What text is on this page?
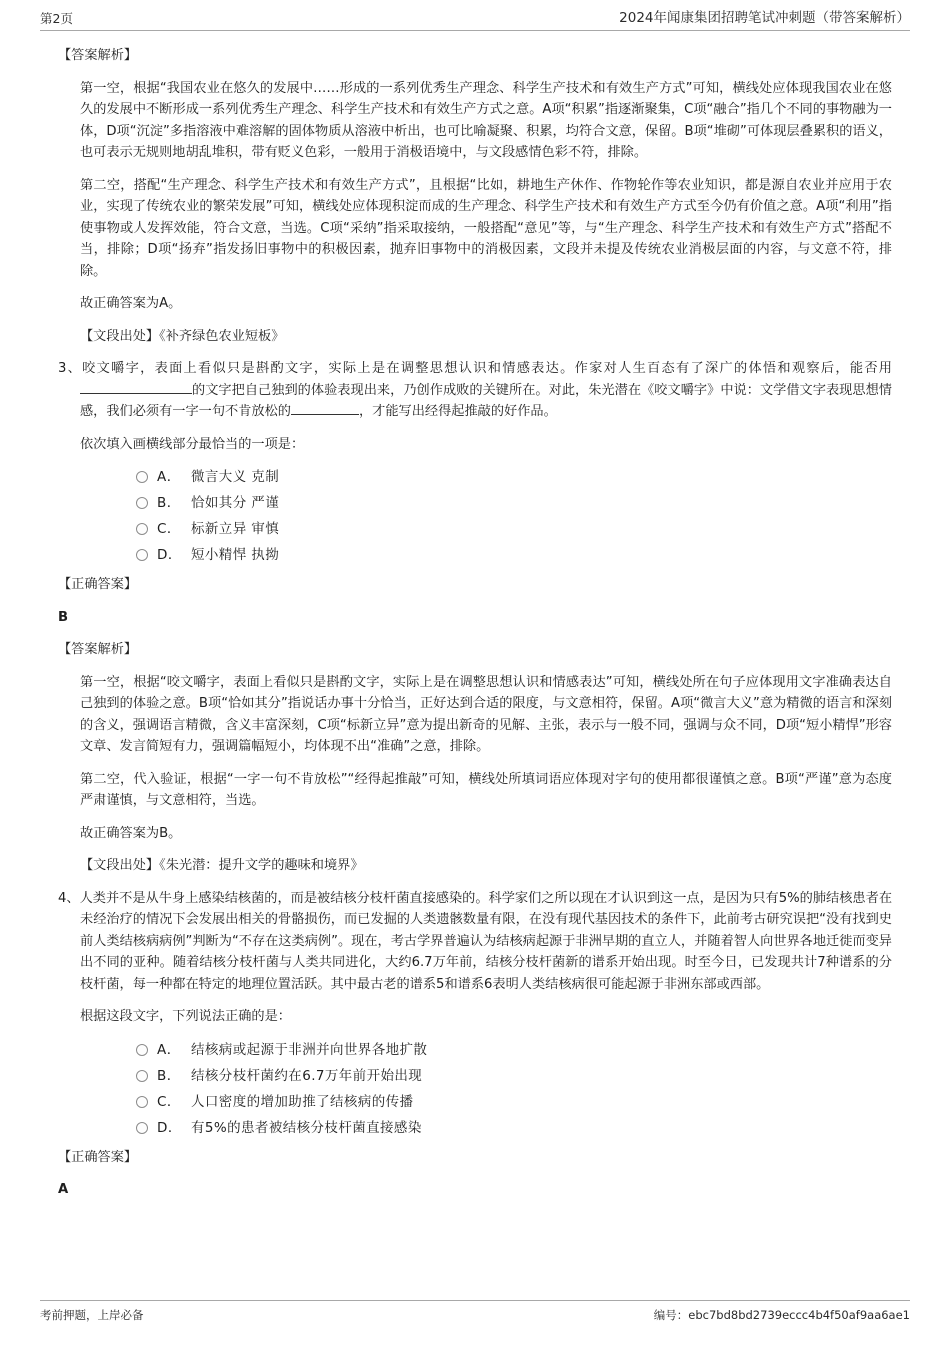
第2页	2024年闻康集团招聘笔试冲刺题（带答案解析）

【答案解析】

第一空，根据“我国农业在悠久的发展中……形成的一系列优秀生产理念、科学生产技术和有效生产方式”可知，横线处应体现我国农业在悠久的发展中不断形成一系列优秀生产理念、科学生产技术和有效生产方式之意。A项“积累”指逐渐聚集，C项“融合”指几个不同的事物融为一体，D项“沉淀”多指溶液中难溶解的固体物质从溶液中析出，也可比喻凝聚、积累，均符合文意，保留。B项“堆砌”可体现层叠累积的语义，也可表示无规则地胡乱堆积，带有贬义色彩，一般用于消极语境中，与文段感情色彩不符，排除。

第二空，搭配“生产理念、科学生产技术和有效生产方式”，且根据“比如，耕地生产休作、作物轮作等农业知识，都是源自农业并应用于农业，实现了传统农业的繁荣发展”可知，横线处应体现积淀而成的生产理念、科学生产技术和有效生产方式至今仍有价值之意。A项“利用”指使事物或人发挥效能，符合文意，当选。C项“采纳”指采取接纳，一般搭配“意见”等，与“生产理念、科学生产技术和有效生产方式”搭配不当，排除；D项“扬弃”指发扬旧事物中的积极因素，抛弃旧事物中的消极因素，文段并未提及传统农业消极层面的内容，与文意不符，排除。

故正确答案为A。

【文段出处】《补齐绿色农业短板》

3、咬文嚼字，表面上看似只是斟酌文字，实际上是在调整思想认识和情感表达。作家对人生百态有了深广的体悟和观察后，能否用的文字把自己独到的体验表现出来，乃创作成败的关键所在。对此，朱光潜在《咬文嚼字》中说：文学借文字表现思想情感，我们必须有一字一句不肯放松的	，才能写出经得起推敲的好作品。

依次填入画横线部分最恰当的一项是：

A． 微言大义 克制
B． 恰如其分 严谨
C． 标新立异 审慎
D． 短小精悍 执拗

【正确答案】

B

【答案解析】

第一空，根据“咬文嚼字，表面上看似只是斟酌文字，实际上是在调整思想认识和情感表达”可知，横线处所在句子应体现用文字准确表达自己独到的体验之意。B项“恰如其分”指说话办事十分恰当，正好达到合适的限度，与文意相符，保留。A项“微言大义”意为精微的语言和深刻的含义，强调语言精微，含义丰富深刻，C项“标新立异”意为提出新奇的见解、主张，表示与一般不同，强调与众不同，D项“短小精悍”形容文章、发言简短有力，强调篇幅短小，均体现不出“准确”之意，排除。

第二空，代入验证，根据“一字一句不肯放松”“经得起推敲”可知，横线处所填词语应体现对字句的使用都很谨慎之意。B项“严谨”意为态度严肃谨慎，与文意相符，当选。

故正确答案为B。

【文段出处】《朱光潜：提升文学的趣味和境界》

4、人类并不是从牛身上感染结核菌的，而是被结核分枝杆菌直接感染的。科学家们之所以现在才认识到这一点，是因为只有5%的肺结核患者在未经治疗的情况下会发展出相关的骨骼损伤，而已发掘的人类遗骸数量有限，在没有现代基因技术的条件下，此前考古研究误把“没有找到史前人类结核病病例”判断为“不存在这类病例”。现在，考古学界普遍认为结核病起源于非洲早期的直立人，并随着智人向世界各地迁徙而变异出不同的亚种。随着结核分枝杆菌与人类共同进化，大约6.7万年前，结核分枝杆菌新的谱系开始出现。时至今日，已发现共计7种谱系的分枝杆菌，每一种都在特定的地理位置活跃。其中最古老的谱系5和谱系6表明人类结核病很可能起源于非洲东部或西部。

根据这段文字，下列说法正确的是：

A． 结核病或起源于非洲并向世界各地扩散
B． 结核分枝杆菌约在6.7万年前开始出现
C． 人口密度的增加助推了结核病的传播
D． 有5%的患者被结核分枝杆菌直接感染

【正确答案】

A

考前押题，上岸必备	编号：ebc7bd8bd2739eccc4b4f50af9aa6ae1
